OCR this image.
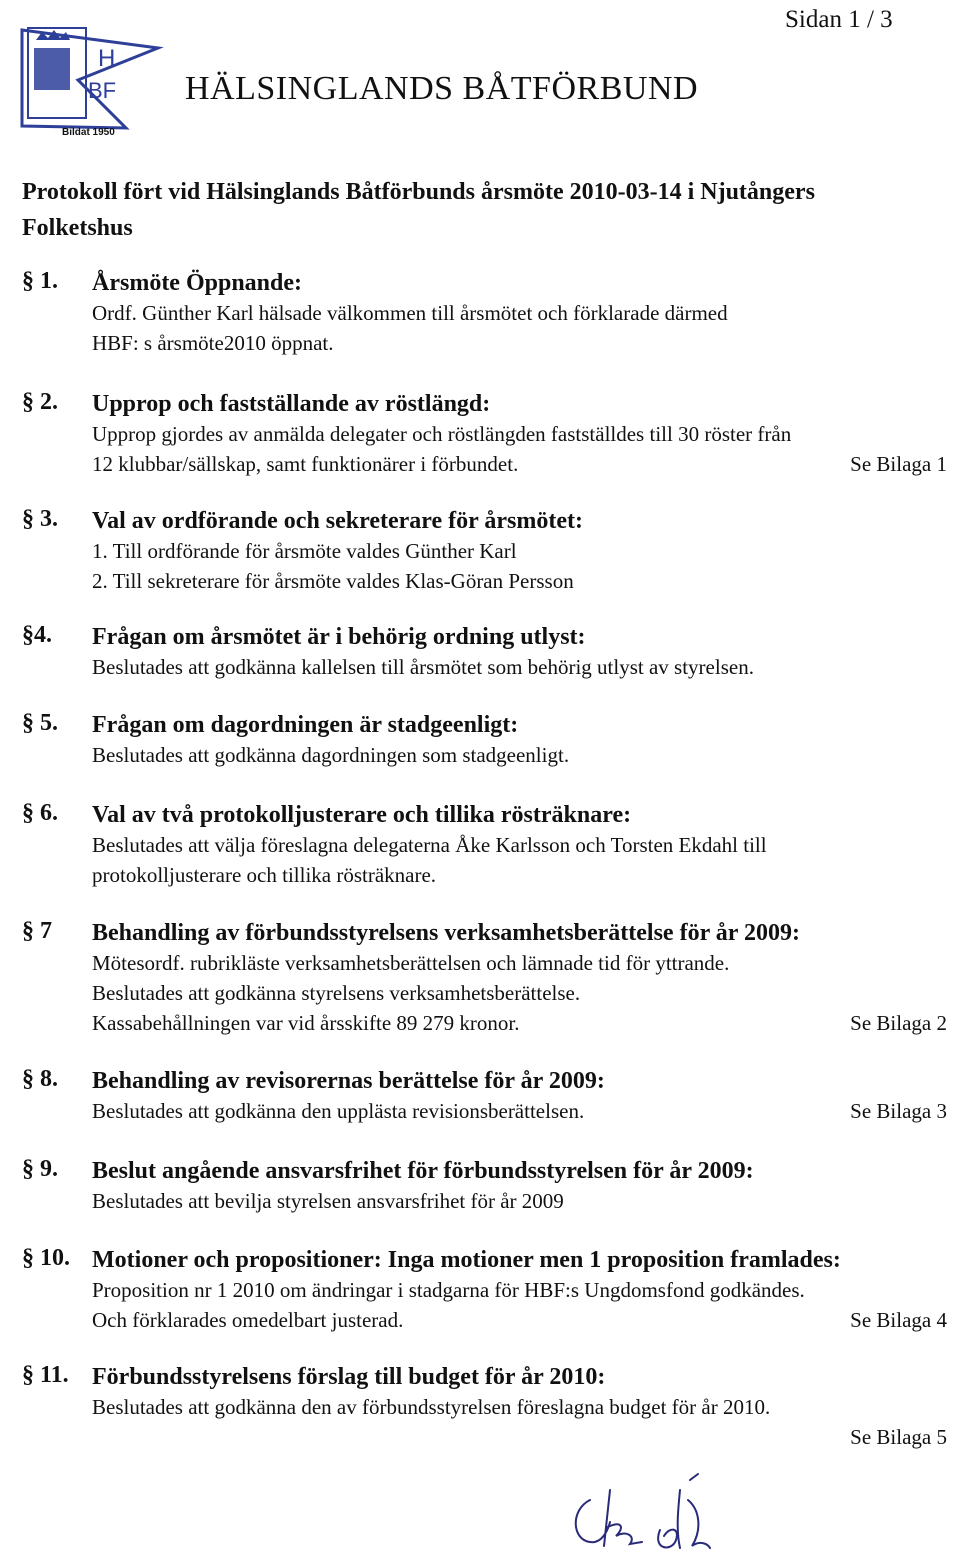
Sidan 1 / 3
H
BF
Bildat 1950
HÄLSINGLANDS BÅTFÖRBUND
Protokoll fört vid Hälsinglands Båtförbunds årsmöte 2010-03-14 i Njutångers
Folketshus
§ 1. Årsmöte Öppnande:
Ordf. Günther Karl hälsade välkommen till årsmötet och förklarade därmed
HBF: s årsmöte2010 öppnat.
§ 2. Upprop och fastställande av röstlängd:
Upprop gjordes av anmälda delegater och röstlängden fastställdes till 30 röster från
12 klubbar/sällskap, samt funktionärer i förbundet.	Se Bilaga 1
§ 3. Val av ordförande och sekreterare för årsmötet:
1. Till ordförande för årsmöte valdes Günther Karl
2. Till sekreterare för årsmöte valdes Klas-Göran Persson
§4. Frågan om årsmötet är i behörig ordning utlyst:
Beslutades att godkänna kallelsen till årsmötet som behörig utlyst av styrelsen.
§ 5. Frågan om dagordningen är stadgeenligt:
Beslutades att godkänna dagordningen som stadgeenligt.
§ 6. Val av två protokolljusterare och tillika rösträknare:
Beslutades att välja föreslagna delegaterna Åke Karlsson och Torsten Ekdahl till
protokolljusterare och tillika rösträknare.
§ 7 Behandling av förbundsstyrelsens verksamhetsberättelse för år 2009:
Mötesordf. rubrikläste verksamhetsberättelsen och lämnade tid för yttrande.
Beslutades att godkänna styrelsens verksamhetsberättelse.
Kassabehållningen var vid årsskifte 89 279 kronor.	Se Bilaga 2
§ 8. Behandling av revisorernas berättelse för år 2009:
Beslutades att godkänna den upplästa revisionsberättelsen.	Se Bilaga 3
§ 9. Beslut angående ansvarsfrihet för förbundsstyrelsen för år 2009:
Beslutades att bevilja styrelsen ansvarsfrihet för år 2009
§ 10. Motioner och propositioner: Inga motioner men 1 proposition framlades:
Proposition nr 1 2010 om ändringar i stadgarna för HBF:s Ungdomsfond godkändes.
Och förklarades omedelbart justerad.	Se Bilaga 4
§ 11. Förbundsstyrelsens förslag till budget för år 2010:
Beslutades att godkänna den av förbundsstyrelsen föreslagna budget för år 2010.
Se Bilaga 5
